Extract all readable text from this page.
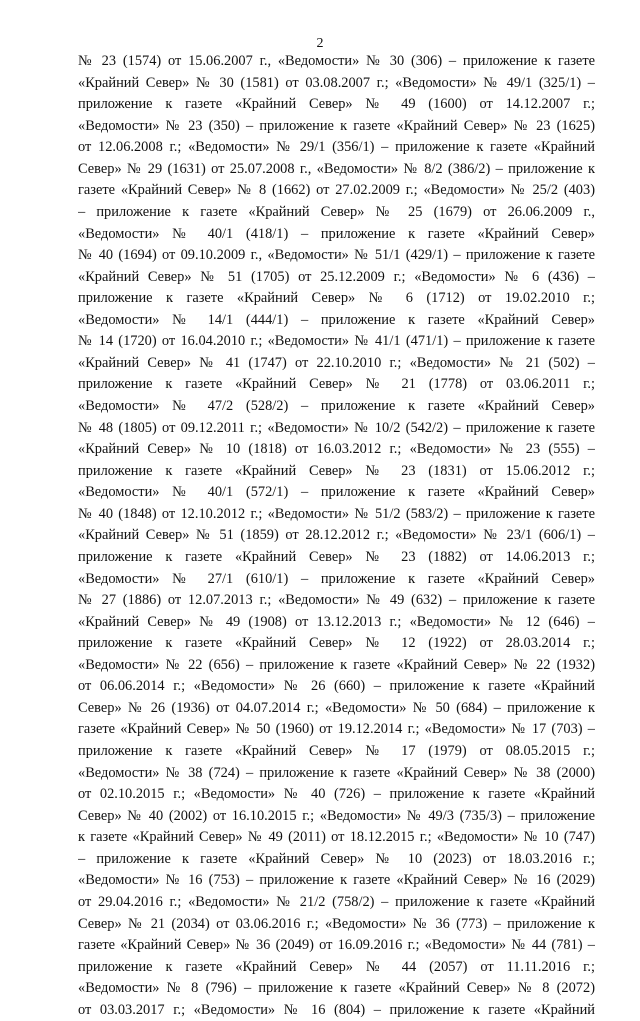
2
№ 23 (1574) от 15.06.2007 г., «Ведомости» № 30 (306) – приложение к газете
«Крайний Север» № 30 (1581) от 03.08.2007 г.; «Ведомости» № 49/1 (325/1) –
приложение к газете «Крайний Север» № 49 (1600) от 14.12.2007 г.;
«Ведомости» № 23 (350) – приложение к газете «Крайний Север» № 23 (1625)
от 12.06.2008 г.; «Ведомости» № 29/1 (356/1) – приложение к газете «Крайний
Север» № 29 (1631) от 25.07.2008 г., «Ведомости» № 8/2 (386/2) – приложение к
газете «Крайний Север» № 8 (1662) от 27.02.2009 г.; «Ведомости» № 25/2 (403)
– приложение к газете «Крайний Север» № 25 (1679) от 26.06.2009 г.,
«Ведомости» № 40/1 (418/1) – приложение к газете «Крайний Север»
№ 40 (1694) от 09.10.2009 г., «Ведомости» № 51/1 (429/1) – приложение к газете
«Крайний Север» № 51 (1705) от 25.12.2009 г.; «Ведомости» № 6 (436) –
приложение к газете «Крайний Север» № 6 (1712) от 19.02.2010 г.;
«Ведомости» № 14/1 (444/1) – приложение к газете «Крайний Север»
№ 14 (1720) от 16.04.2010 г.; «Ведомости» № 41/1 (471/1) – приложение к газете
«Крайний Север» № 41 (1747) от 22.10.2010 г.; «Ведомости» № 21 (502) –
приложение к газете «Крайний Север» № 21 (1778) от 03.06.2011 г.;
«Ведомости» № 47/2 (528/2) – приложение к газете «Крайний Север»
№ 48 (1805) от 09.12.2011 г.; «Ведомости» № 10/2 (542/2) – приложение к газете
«Крайний Север» № 10 (1818) от 16.03.2012 г.; «Ведомости» № 23 (555) –
приложение к газете «Крайний Север» № 23 (1831) от 15.06.2012 г.;
«Ведомости» № 40/1 (572/1) – приложение к газете «Крайний Север»
№ 40 (1848) от 12.10.2012 г.; «Ведомости» № 51/2 (583/2) – приложение к газете
«Крайний Север» № 51 (1859) от 28.12.2012 г.; «Ведомости» № 23/1 (606/1) –
приложение к газете «Крайний Север» № 23 (1882) от 14.06.2013 г.;
«Ведомости» № 27/1 (610/1) – приложение к газете «Крайний Север»
№ 27 (1886) от 12.07.2013 г.; «Ведомости» № 49 (632) – приложение к газете
«Крайний Север» № 49 (1908) от 13.12.2013 г.; «Ведомости» № 12 (646) –
приложение к газете «Крайний Север» № 12 (1922) от 28.03.2014 г.;
«Ведомости» № 22 (656) – приложение к газете «Крайний Север» № 22 (1932)
от 06.06.2014 г.; «Ведомости» № 26 (660) – приложение к газете «Крайний
Север» № 26 (1936) от 04.07.2014 г.; «Ведомости» № 50 (684) – приложение к
газете «Крайний Север» № 50 (1960) от 19.12.2014 г.; «Ведомости» № 17 (703) –
приложение к газете «Крайний Север» № 17 (1979) от 08.05.2015 г.;
«Ведомости» № 38 (724) – приложение к газете «Крайний Север» № 38 (2000)
от 02.10.2015 г.; «Ведомости» № 40 (726) – приложение к газете «Крайний
Север» № 40 (2002) от 16.10.2015 г.; «Ведомости» № 49/3 (735/3) – приложение
к газете «Крайний Север» № 49 (2011) от 18.12.2015 г.; «Ведомости» № 10 (747)
– приложение к газете «Крайний Север» № 10 (2023) от 18.03.2016 г.;
«Ведомости» № 16 (753) – приложение к газете «Крайний Север» № 16 (2029)
от 29.04.2016 г.; «Ведомости» № 21/2 (758/2) – приложение к газете «Крайний
Север» № 21 (2034) от 03.06.2016 г.; «Ведомости» № 36 (773) – приложение к
газете «Крайний Север» № 36 (2049) от 16.09.2016 г.; «Ведомости» № 44 (781) –
приложение к газете «Крайний Север» № 44 (2057) от 11.11.2016 г.;
«Ведомости» № 8 (796) – приложение к газете «Крайний Север» № 8 (2072)
от 03.03.2017 г.; «Ведомости» № 16 (804) – приложение к газете «Крайний
